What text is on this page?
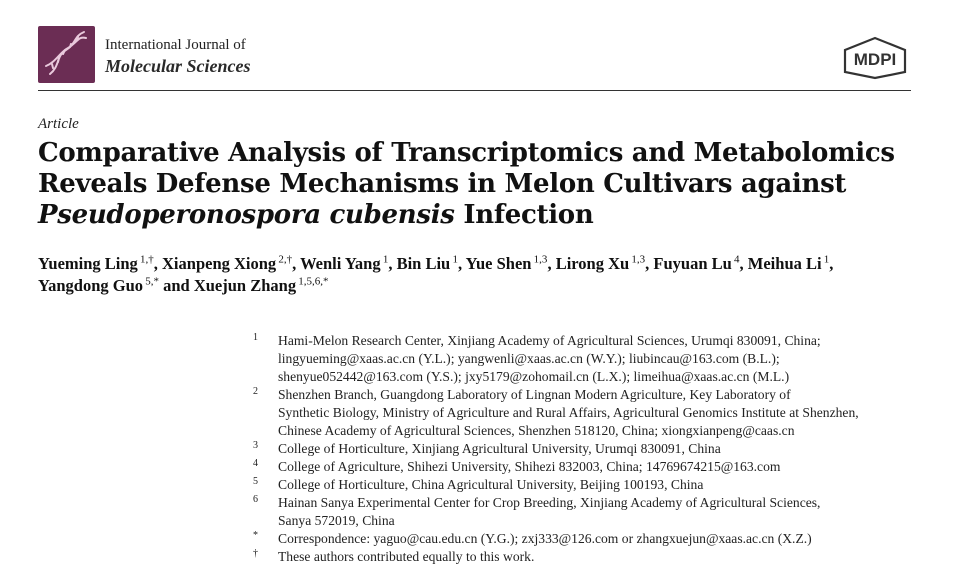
International Journal of
Molecular Sciences	MDPI
Article
Comparative Analysis of Transcriptomics and Metabolomics
Reveals Defense Mechanisms in Melon Cultivars against
Pseudoperonospora cubensis Infection
Yueming Ling $^{1,\dagger}$, Xianpeng Xiong $^{2,\dagger}$, Wenli Yang $^1$, Bin Liu $^1$, Yue Shen $^{1,3}$, Lirong Xu $^{1,3}$, Fuyuan Lu $^4$, Meihua Li $^1$,
Yangdong Guo $^{5,*}$ and Xuejun Zhang $^{1,5,6,*}$
1 Hami-Melon Research Center, Xinjiang Academy of Agricultural Sciences, Urumqi 830091, China;
lingyueming@xaas.ac.cn (Y.L.); yangwenli@xaas.ac.cn (W.Y.); liubincau@163.com (B.L.);
shenyue052442@163.com (Y.S.); jxy5179@zohomail.cn (L.X.); limeihua@xaas.ac.cn (M.L.)
2 Shenzhen Branch, Guangdong Laboratory of Lingnan Modern Agriculture, Key Laboratory of
Synthetic Biology, Ministry of Agriculture and Rural Affairs, Agricultural Genomics Institute at Shenzhen,
Chinese Academy of Agricultural Sciences, Shenzhen 518120, China; xiongxianpeng@caas.cn
3 College of Horticulture, Xinjiang Agricultural University, Urumqi 830091, China
4 College of Agriculture, Shihezi University, Shihezi 832003, China; 14769674215@163.com
5 College of Horticulture, China Agricultural University, Beijing 100193, China
6 Hainan Sanya Experimental Center for Crop Breeding, Xinjiang Academy of Agricultural Sciences,
Sanya 572019, China
* Correspondence: yaguo@cau.edu.cn (Y.G.); zxj333@126.com or zhangxuejun@xaas.ac.cn (X.Z.)
† These authors contributed equally to this work.
